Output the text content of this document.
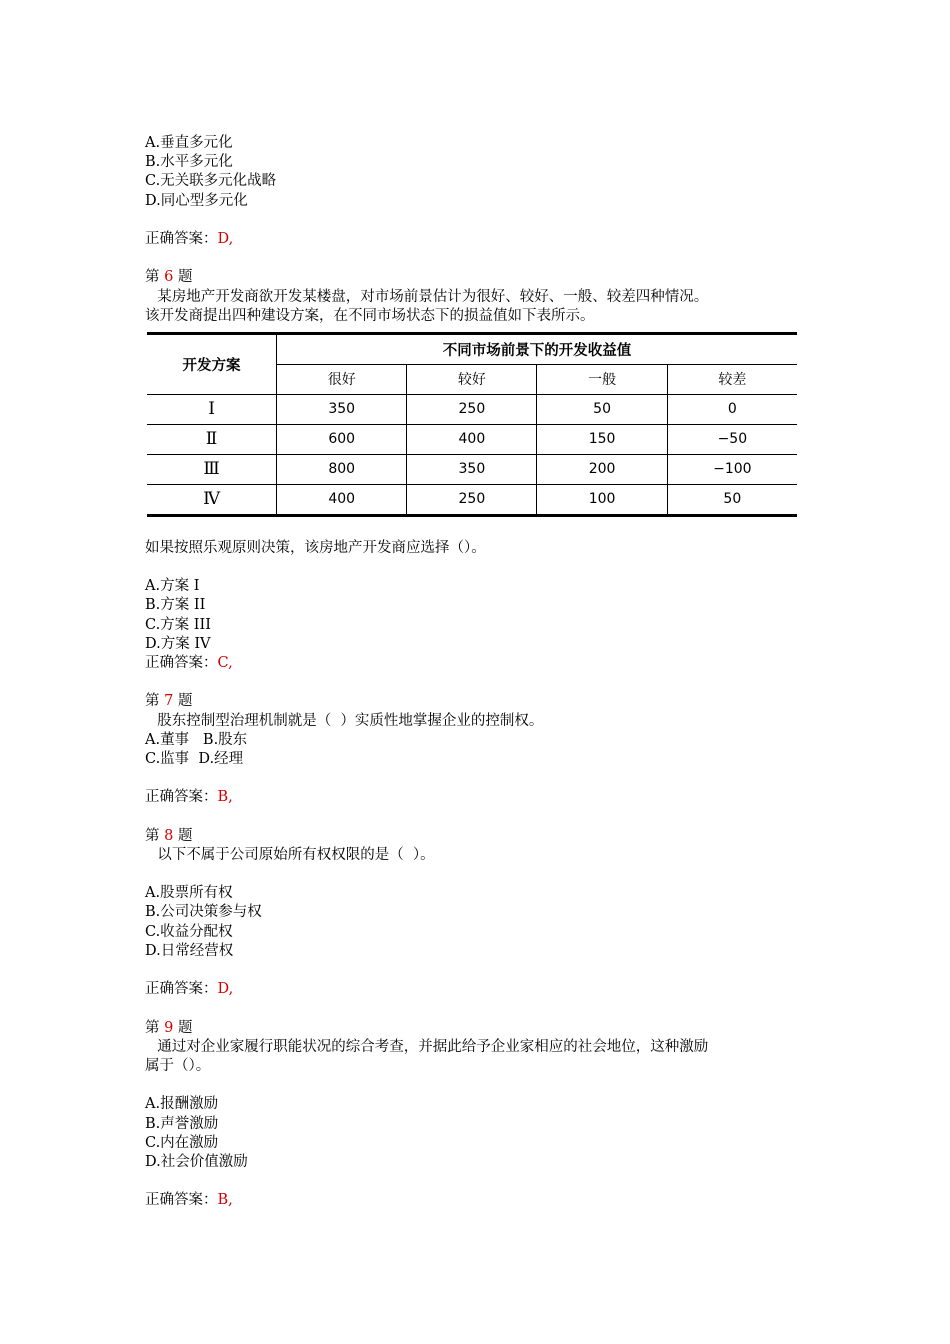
A.垂直多元化
B.水平多元化
C.无关联多元化战略
D.同心型多元化
正确答案：D,
第 6 题
某房地产开发商欲开发某楼盘，对市场前景估计为很好、较好、一般、较差四种情况。
该开发商提出四种建设方案，在不同市场状态下的损益值如下表所示。
开发方案	不同市场前景下的开发收益值			
	很好	较好	一般	较差
Ⅰ	350	250	50	0
Ⅱ	600	400	150	−50
Ⅲ	800	350	200	−100
Ⅳ	400	250	100	50
如果按照乐观原则决策，该房地产开发商应选择（）。
A.方案 I
B.方案 II
C.方案 III
D.方案 IV
正确答案：C,
第 7 题
股东控制型治理机制就是（  ）实质性地掌握企业的控制权。
A.董事   B.股东
C.监事  D.经理
正确答案：B,
第 8 题
以下不属于公司原始所有权权限的是（  ）。
A.股票所有权
B.公司决策参与权
C.收益分配权
D.日常经营权
正确答案：D,
第 9 题
通过对企业家履行职能状况的综合考查，并据此给予企业家相应的社会地位，这种激励
属于（）。
A.报酬激励
B.声誉激励
C.内在激励
D.社会价值激励
正确答案：B,
